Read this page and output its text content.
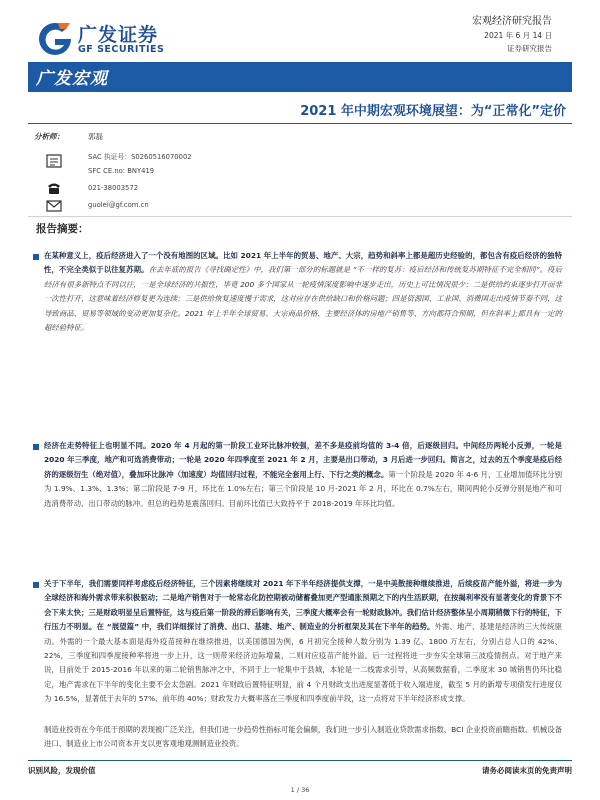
广发证券
GF SECURITIES
宏观经济研究报告
2021 年 6 月 14 日
证券研究报告
广发宏观
2021 年中期宏观环境展望：为“正常化”定价
分析师：	郭磊
SAC 执证号：S0260516070002
SFC CE.no: BNY419
021-38003572
guolei@gf.com.cn
报告摘要：
在某种意义上，疫后经济进入了一个没有地图的区域。比如 2021 年上半年的贸易、地产、大宗，趋势和斜率上都是超历史经验的，都包含有疫后经济的独特性，不完全类似于以往复苏期。在去年底的报告《寻找确定性》中，我们第一部分的标题就是 “不一样的复苏：疫后经济和传统复苏期特征不完全相同”。疫后经济有很多新特点不同以往，一是全球经济的共振性，毕竟 200 多个国家从一轮疫情深度影响中逐步走出，历史上可比情况很少；二是供给约束逐步打开而非一次性打开，这意味着经济修复更为连续；三是供给恢复速度慢于需求，这对应存在供给缺口和价格问题；四是资源国、工业国、消费国走出疫情节奏不同，这导致商品、贸易等领域的变动更加复杂化。2021 年上半年全球贸易、大宗商品价格、主要经济体的房地产销售等、方向都符合预期，但在斜率上都具有一定的超经验特征。
经济在走势特征上也明显不同。2020 年 4 月起的第一阶段工业环比脉冲较强，差不多是疫前均值的 3-4 倍，后逐级回归。中间经历两轮小反弹，一轮是 2020 年三季度，地产和可选消费带动；一轮是 2020 年四季度至 2021 年 2 月，主要是出口带动，3 月后进一步回归。简言之，过去的五个季度是疫后经济的逐级衍生（绝对值），叠加环比脉冲（加速度）均值回归过程，不能完全套用上行、下行之类的概念。第一个阶段是 2020 年 4-6 月，工业增加值环比分别为 1.9%、1.3%、1.3%；第二阶段是 7-9 月，环比在 1.0%左右；第三个阶段是 10 月-2021 年 2 月，环比在 0.7%左右，期间两轮小反弹分别是地产和可选消费带动、出口带动的脉冲。但总的趋势是震荡回归。目前环比值已大致持平于 2018-2019 年环比均值。
关于下半年，我们需要同样考虑疫后经济特征，三个因素将继续对 2021 年下半年经济提供支撑，一是中美散接种继续推进，后续疫苗产能外溢，将进一步为全球经济和海外需求带来积极驱动；二是地产销售对于一轮常态化防控期被动储蓄叠加更产型通胀预期之下的内生活跃期，在按揭利率没有显著变化的背景下不会下来太快；三是财政明显呈后置特征，这与疫后第一阶段的滞后影响有关，三季度大概率会有一轮财政脉冲。我们估计经济整体呈小周期稍微下行的特征，下行压力不明显。在 “展望篇” 中，我们详细探讨了消费、出口、基建、地产、制造业的分析框架及其在下半年的趋势。外需、地产、基建是经济的三大传统驱动。外需的一个最大基本面是海外疫苗接种在继续推进，以美国德国为例，6 月初完全接种人数分别为 1.39 亿、1800 万左右，分别占总人口的 42%、22%，三季度和四季度接种率将进一步上升，这一则带来经济边际增量，二则对应疫苗产能外溢。后一过程将进一步夯实全球第三波疫情拐点。对于地产来说，目前处于 2015-2016 年以来的第二轮销售脉冲之中，不同于上一轮集中于县城，本轮是一二线需求引导，从高频数据看，二季度末 30 城销售仍环比稳定，地产需求在下半年的变化主要不会太急剧。2021 年财政后置特征明显，前 4 个月财政支出进度显著低于收入端进度，截至 5 月的新增专项债发行进度仅为 16.5%，显著低于去年的 57%、前年的 40%；财政发力大概率落在三季度和四季度前半段，这一点将对下半年经济形成支撑。
制造业投资在今年低于预期的表现被广泛关注，但我们进一步趋势性指标可能会偏颇，我们进一步引入制造业贷款需求指数、BCI 企业投资前瞻指数、机械设备进口、制造业上市公司资本开支以更客观地观测制造业投资。
识别风险，发现价值	请务必阅读末页的免责声明
1 / 36
